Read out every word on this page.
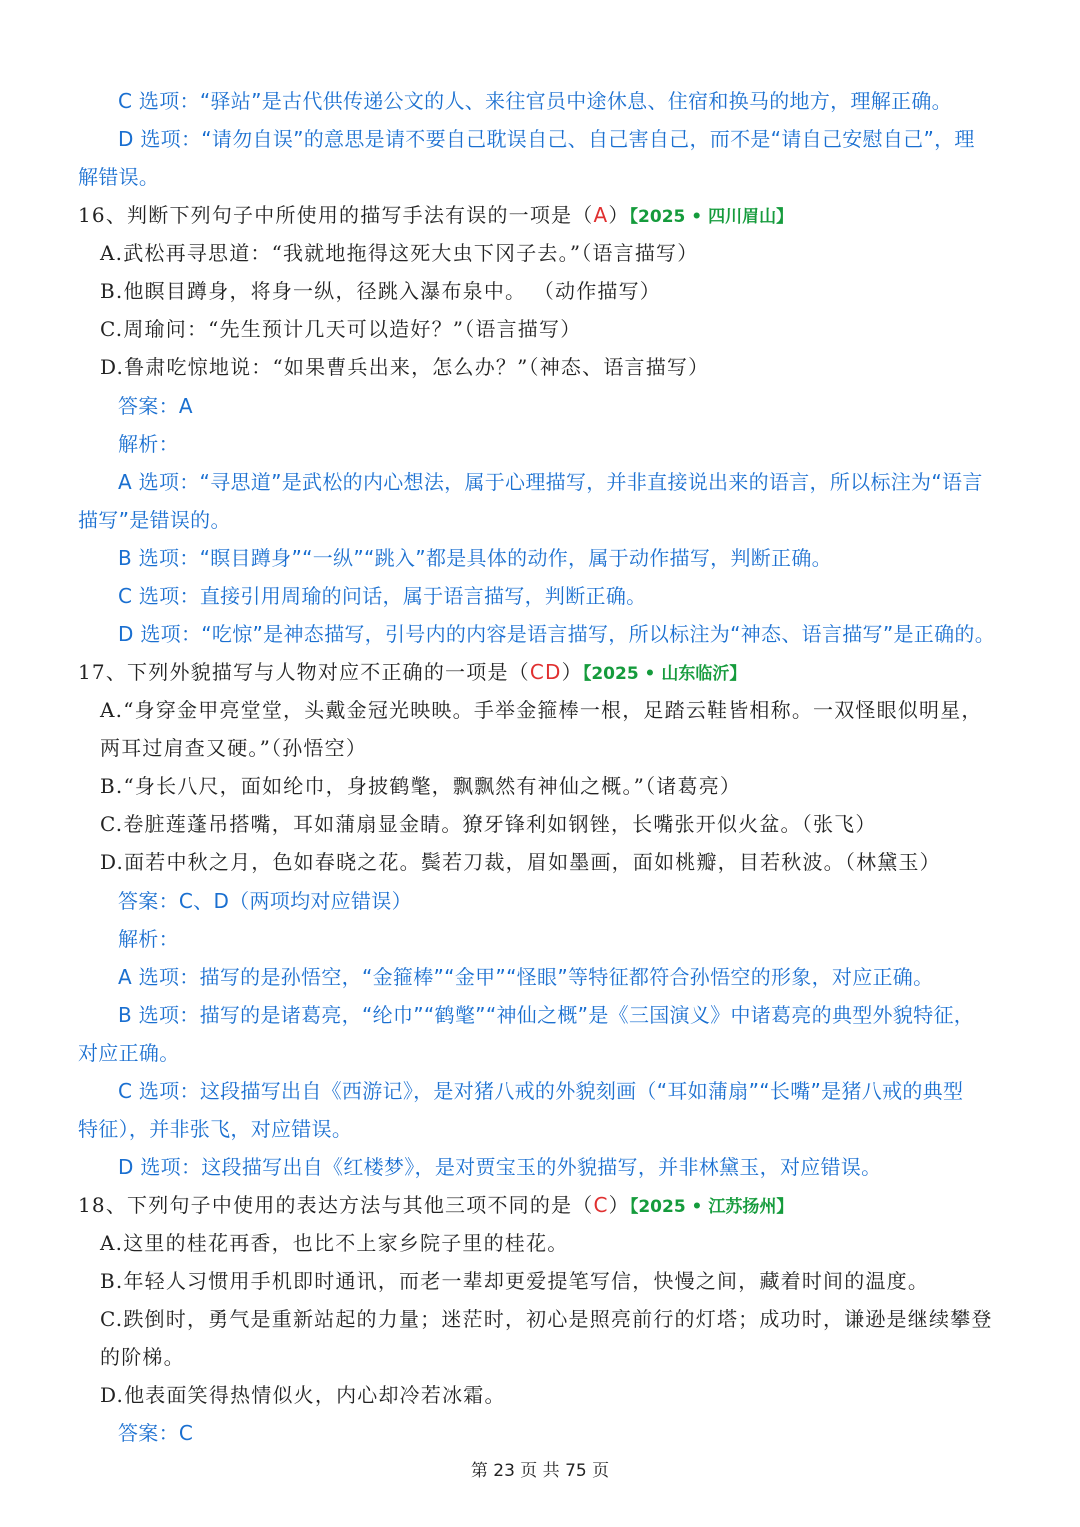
C 选项：“驿站”是古代供传递公文的人、来往官员中途休息、住宿和换马的地方，理解正确。
D 选项：“请勿自误”的意思是请不要自己耽误自己、自己害自己，而不是“请自己安慰自己”，理
解错误。
16、判断下列句子中所使用的描写手法有误的一项是（A）【2025 • 四川眉山】
A.武松再寻思道：“我就地拖得这死大虫下冈子去。”（语言描写）
B.他瞑目蹲身，将身一纵，径跳入瀑布泉中。 （动作描写）
C.周瑜问：“先生预计几天可以造好？”（语言描写）
D.鲁肃吃惊地说：“如果曹兵出来，怎么办？”（神态、语言描写）
答案：A
解析：
A 选项：“寻思道”是武松的内心想法，属于心理描写，并非直接说出来的语言，所以标注为“语言
描写”是错误的。
B 选项：“瞑目蹲身”“一纵”“跳入”都是具体的动作，属于动作描写，判断正确。
C 选项：直接引用周瑜的问话，属于语言描写，判断正确。
D 选项：“吃惊”是神态描写，引号内的内容是语言描写，所以标注为“神态、语言描写”是正确的。
17、下列外貌描写与人物对应不正确的一项是（CD）【2025 • 山东临沂】
A.“身穿金甲亮堂堂，头戴金冠光映映。手举金箍棒一根，足踏云鞋皆相称。一双怪眼似明星，
两耳过肩查又硬。”（孙悟空）
B.“身长八尺，面如纶巾，身披鹤氅，飘飘然有神仙之概。”（诸葛亮）
C.卷脏莲蓬吊搭嘴，耳如蒲扇显金睛。獠牙锋利如钢锉，长嘴张开似火盆。（张飞）
D.面若中秋之月，色如春晓之花。鬓若刀裁，眉如墨画，面如桃瓣，目若秋波。（林黛玉）
答案：C、D（两项均对应错误）
解析：
A 选项：描写的是孙悟空，“金箍棒”“金甲”“怪眼”等特征都符合孙悟空的形象，对应正确。
B 选项：描写的是诸葛亮，“纶巾”“鹤氅”“神仙之概”是《三国演义》中诸葛亮的典型外貌特征，
对应正确。
C 选项：这段描写出自《西游记》，是对猪八戒的外貌刻画（“耳如蒲扇”“长嘴”是猪八戒的典型
特征），并非张飞，对应错误。
D 选项：这段描写出自《红楼梦》，是对贾宝玉的外貌描写，并非林黛玉，对应错误。
18、下列句子中使用的表达方法与其他三项不同的是（C）【2025 • 江苏扬州】
A.这里的桂花再香，也比不上家乡院子里的桂花。
B.年轻人习惯用手机即时通讯，而老一辈却更爱提笔写信，快慢之间，藏着时间的温度。
C.跌倒时，勇气是重新站起的力量；迷茫时，初心是照亮前行的灯塔；成功时，谦逊是继续攀登
的阶梯。
D.他表面笑得热情似火，内心却冷若冰霜。
答案：C
第 23 页 共 75 页
